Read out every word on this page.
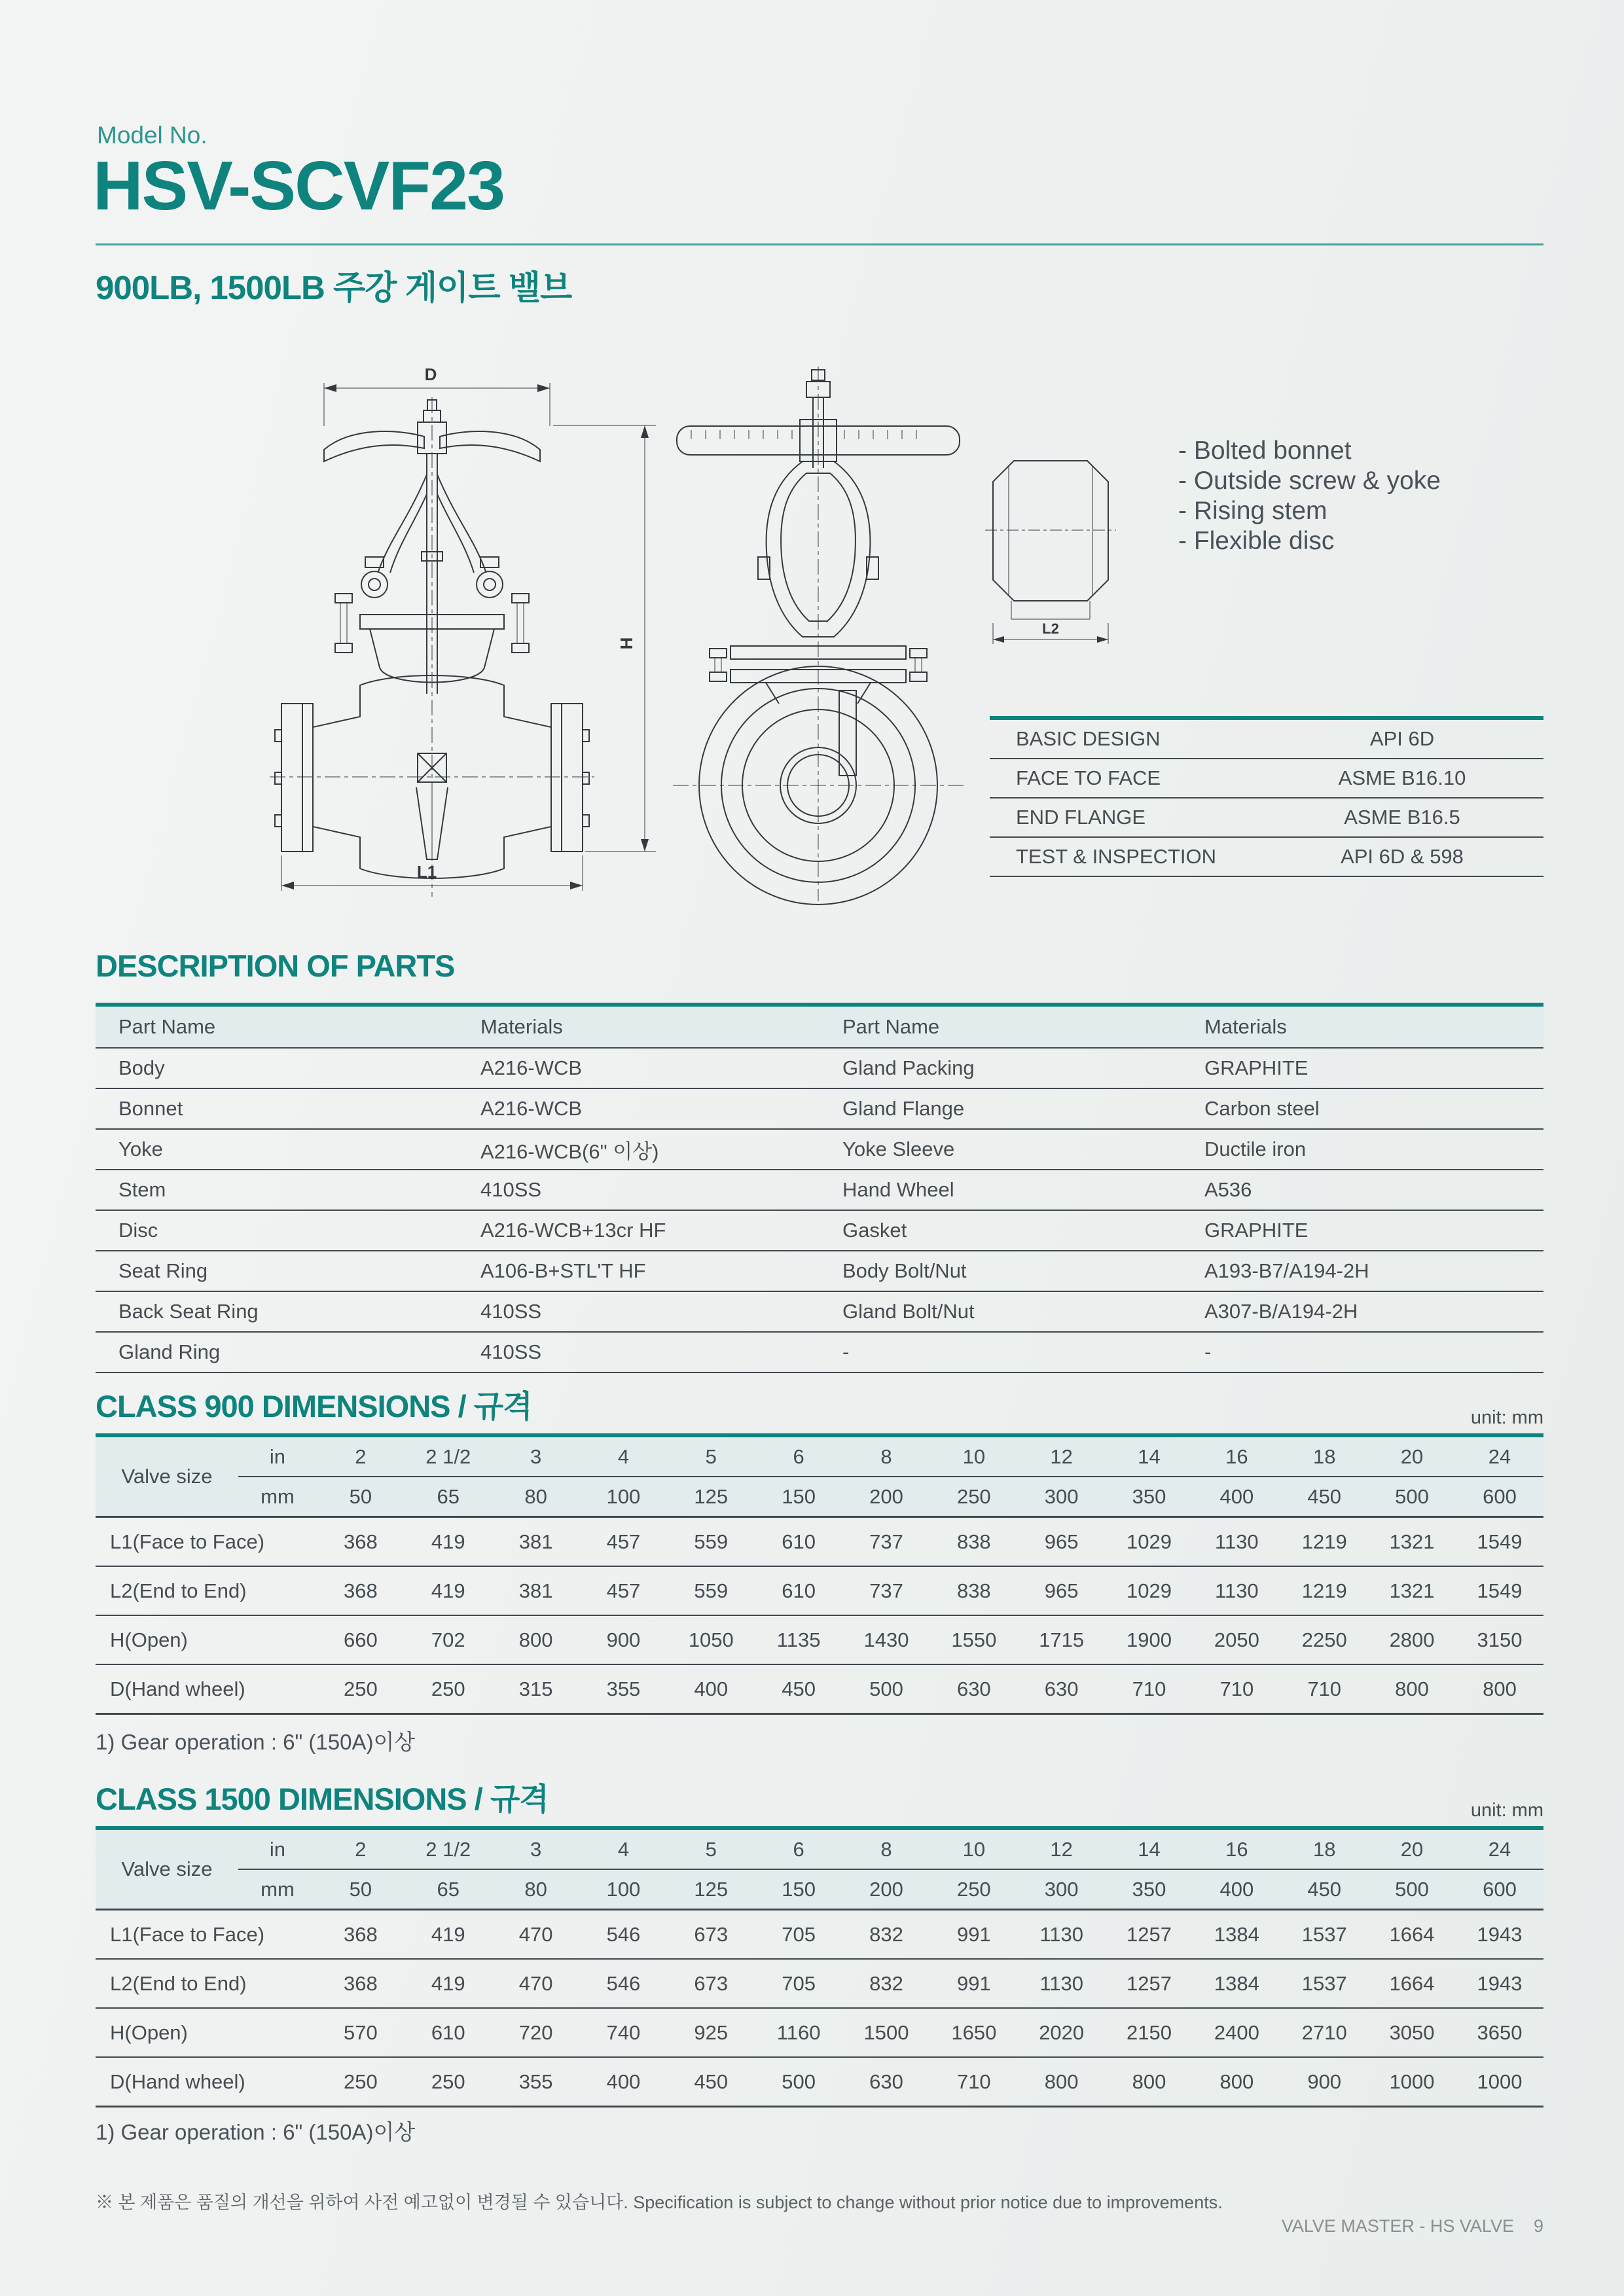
Model No.
HSV-SCVF23
900LB, 1500LB 주강 게이트 밸브
D
L1
H
L2
- Bolted bonnet
- Outside screw & yoke
- Rising stem
- Flexible disc
BASIC DESIGN	API 6D
FACE TO FACE	ASME B16.10
END FLANGE	ASME B16.5
TEST & INSPECTION	API 6D & 598
DESCRIPTION OF PARTS
Part Name	Materials	Part Name	Materials
Body	A216-WCB	Gland Packing	GRAPHITE
Bonnet	A216-WCB	Gland Flange	Carbon steel
Yoke	A216-WCB(6" 이상)	Yoke Sleeve	Ductile iron
Stem	410SS	Hand Wheel	A536
Disc	A216-WCB+13cr HF	Gasket	GRAPHITE
Seat Ring	A106-B+STL'T HF	Body Bolt/Nut	A193-B7/A194-2H
Back Seat Ring	410SS	Gland Bolt/Nut	A307-B/A194-2H
Gland Ring	410SS	-	-
CLASS 900 DIMENSIONS / 규격	unit: mm
Valve size	in	2	2 1/2	3	4	5	6	8	10	12	14	16	18	20	24
	mm	50	65	80	100	125	150	200	250	300	350	400	450	500	600
L1(Face to Face)		368	419	381	457	559	610	737	838	965	1029	1130	1219	1321	1549
L2(End to End)		368	419	381	457	559	610	737	838	965	1029	1130	1219	1321	1549
H(Open)		660	702	800	900	1050	1135	1430	1550	1715	1900	2050	2250	2800	3150
D(Hand wheel)		250	250	315	355	400	450	500	630	630	710	710	710	800	800
1) Gear operation : 6" (150A)이상
CLASS 1500 DIMENSIONS / 규격	unit: mm
Valve size	in	2	2 1/2	3	4	5	6	8	10	12	14	16	18	20	24
	mm	50	65	80	100	125	150	200	250	300	350	400	450	500	600
L1(Face to Face)		368	419	470	546	673	705	832	991	1130	1257	1384	1537	1664	1943
L2(End to End)		368	419	470	546	673	705	832	991	1130	1257	1384	1537	1664	1943
H(Open)		570	610	720	740	925	1160	1500	1650	2020	2150	2400	2710	3050	3650
D(Hand wheel)		250	250	355	400	450	500	630	710	800	800	800	900	1000	1000
1) Gear operation : 6" (150A)이상
※ 본 제품은 품질의 개선을 위하여 사전 예고없이 변경될 수 있습니다. Specification is subject to change without prior notice due to improvements.
VALVE MASTER - HS VALVE 9
